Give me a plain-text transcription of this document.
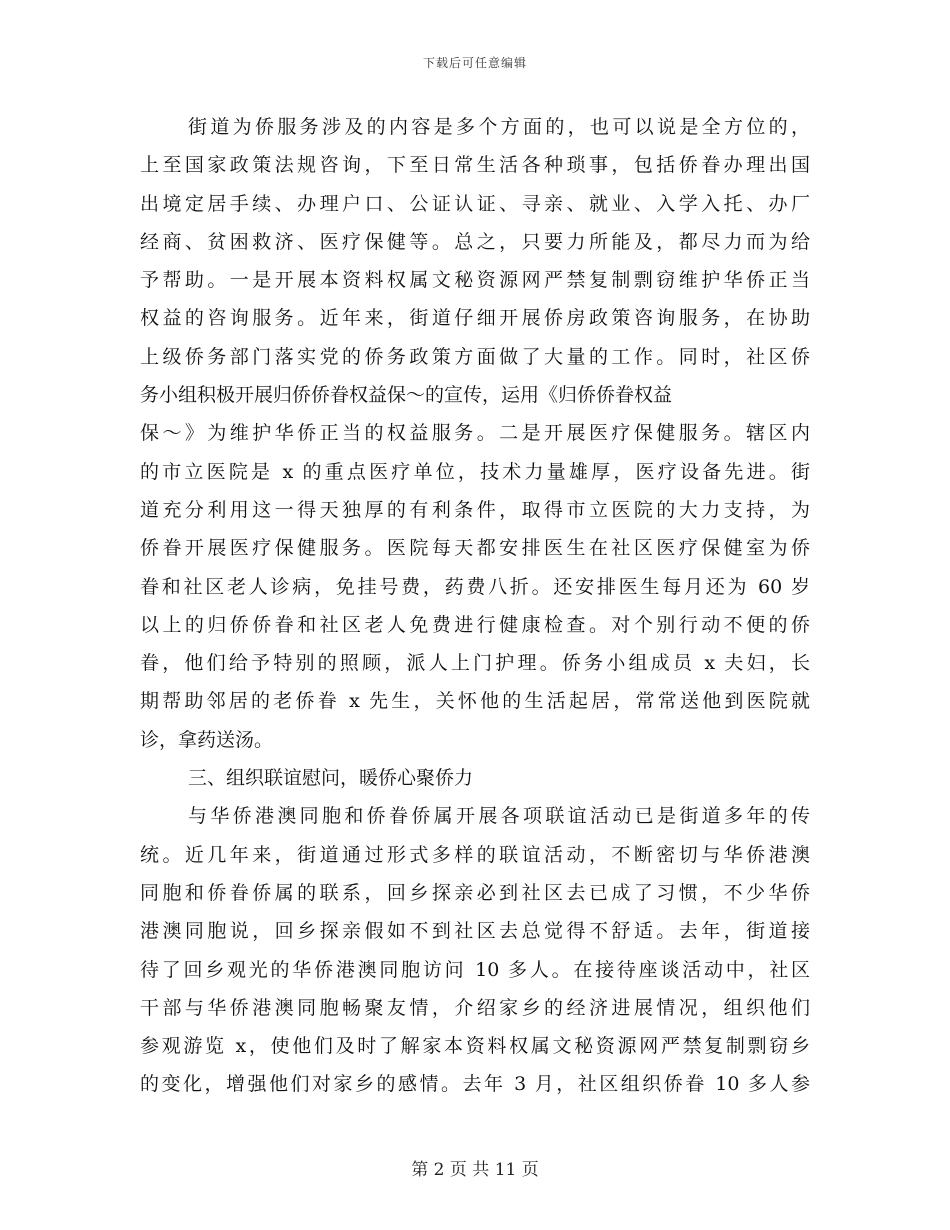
下载后可任意编辑
街道为侨服务涉及的内容是多个方面的，也可以说是全方位的，
上至国家政策法规咨询，下至日常生活各种琐事，包括侨眷办理出国
出境定居手续、办理户口、公证认证、寻亲、就业、入学入托、办厂
经商、贫困救济、医疗保健等。总之，只要力所能及，都尽力而为给
予帮助。一是开展本资料权属文秘资源网严禁复制剽窃维护华侨正当
权益的咨询服务。近年来，街道仔细开展侨房政策咨询服务，在协助
上级侨务部门落实党的侨务政策方面做了大量的工作。同时，社区侨
务小组积极开展归侨侨眷权益保～的宣传，运用《归侨侨眷权益
保～》为维护华侨正当的权益服务。二是开展医疗保健服务。辖区内
的市立医院是 x 的重点医疗单位，技术力量雄厚，医疗设备先进。街
道充分利用这一得天独厚的有利条件，取得市立医院的大力支持，为
侨眷开展医疗保健服务。医院每天都安排医生在社区医疗保健室为侨
眷和社区老人诊病，免挂号费，药费八折。还安排医生每月还为 60 岁
以上的归侨侨眷和社区老人免费进行健康检查。对个别行动不便的侨
眷，他们给予特别的照顾，派人上门护理。侨务小组成员 x 夫妇，长
期帮助邻居的老侨眷 x 先生，关怀他的生活起居，常常送他到医院就
诊，拿药送汤。
三、组织联谊慰问，暖侨心聚侨力
与华侨港澳同胞和侨眷侨属开展各项联谊活动已是街道多年的传
统。近几年来，街道通过形式多样的联谊活动，不断密切与华侨港澳
同胞和侨眷侨属的联系，回乡探亲必到社区去已成了习惯，不少华侨
港澳同胞说，回乡探亲假如不到社区去总觉得不舒适。去年，街道接
待了回乡观光的华侨港澳同胞访问 10 多人。在接待座谈活动中，社区
干部与华侨港澳同胞畅聚友情，介绍家乡的经济进展情况，组织他们
参观游览 x，使他们及时了解家本资料权属文秘资源网严禁复制剽窃乡
的变化，增强他们对家乡的感情。去年 3 月，社区组织侨眷 10 多人参
第 2 页 共 11 页
